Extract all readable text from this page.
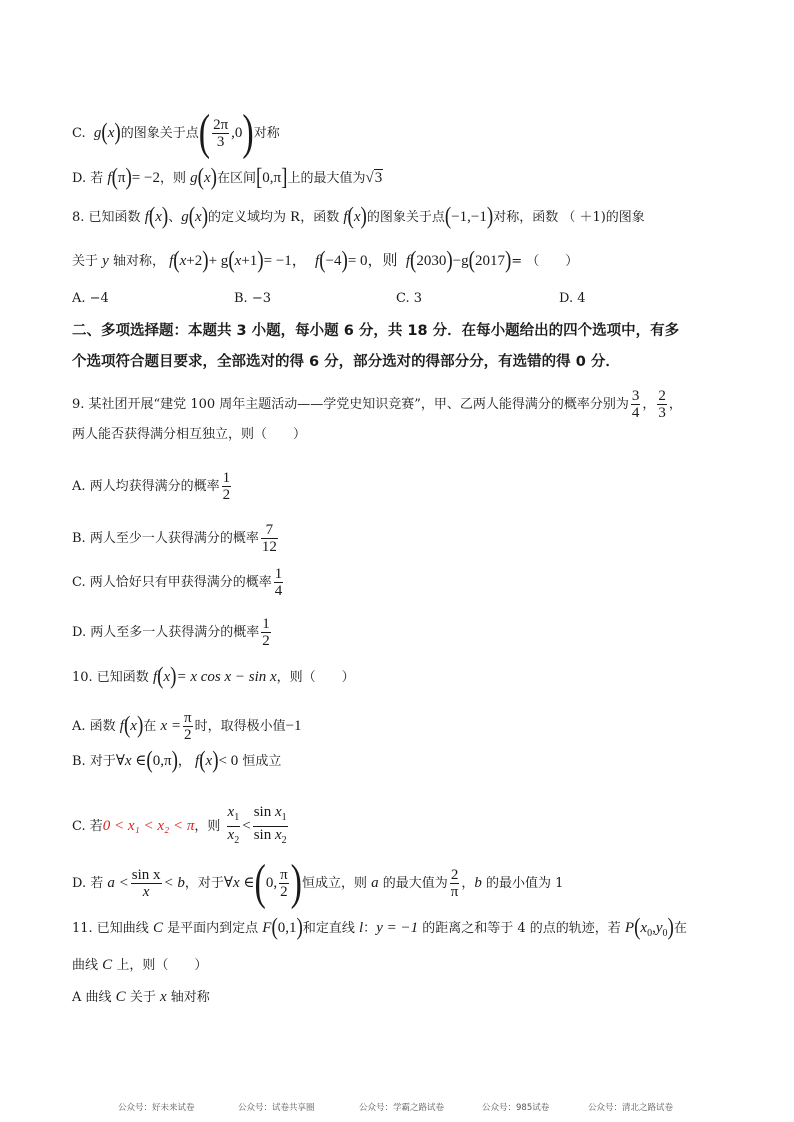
C. g(x)的图象关于点( $\frac{2\pi}{3} ,0$)对称
D. 若 f(π)= −2，则 g(x)在区间[0,π]上的最大值为√3
8. 已知函数 f(x)、g(x)的定义域均为 R，函数 f(x)的图象关于点(−1,−1)对称，函数 （ ＋1)的图象
关于 y 轴对称， f(x+2)+ g(x+1)= −1， f(−4)= 0，则 f(2030)−g(2017)= （　　）
A. −4	B. −3	C. 3	D. 4
二、多项选择题：本题共 3 小题，每小题 6 分，共 18 分．在每小题给出的四个选项中，有多
个选项符合题目要求，全部选对的得 6 分，部分选对的得部分分，有选错的得 0 分．
9. 某社团开展“建党 100 周年主题活动——学党史知识竞赛”，甲、乙两人能得满分的概率分别为 $\frac{3}{4}$ ， $\frac{2}{3}$ ，
两人能否获得满分相互独立，则（　　）
A. 两人均获得满分的概率 $\frac{1}{2}$
B. 两人至少一人获得满分的概率 $\frac{7}{12}$
C. 两人恰好只有甲获得满分的概率 $\frac{1}{4}$
D. 两人至多一人获得满分的概率 $\frac{1}{2}$
10. 已知函数 f(x)= x cos x − sin x，则（　　）
A. 函数 f(x)在 $x = \frac{\pi}{2}$ 时，取得极小值−1
B. 对于∀x ∈(0,π)， f(x)< 0 恒成立
C. 若0 < x₁ < x₂ < π，则 $\frac{x_1}{x_2} < \frac{\sin x_1}{\sin x_2}$
D. 若 $a < \frac{\text{sin x}}{x} < b$，对于∀x ∈(0, $\frac{\pi}{2}$ )恒成立，则 a 的最大值为 $\frac{2}{\pi}$ ，b 的最小值为 1
11. 已知曲线 C 是平面内到定点 F(0,1)和定直线 l：y = −1 的距离之和等于 4 的点的轨迹，若 $P(x_0,y_0)$在
曲线 C 上，则（　　）
A 曲线 C 关于 x 轴对称
公众号：好未来试卷	公众号：试卷共享圈	公众号：学霸之路试卷	公众号：985试卷	公众号：清北之路试卷
